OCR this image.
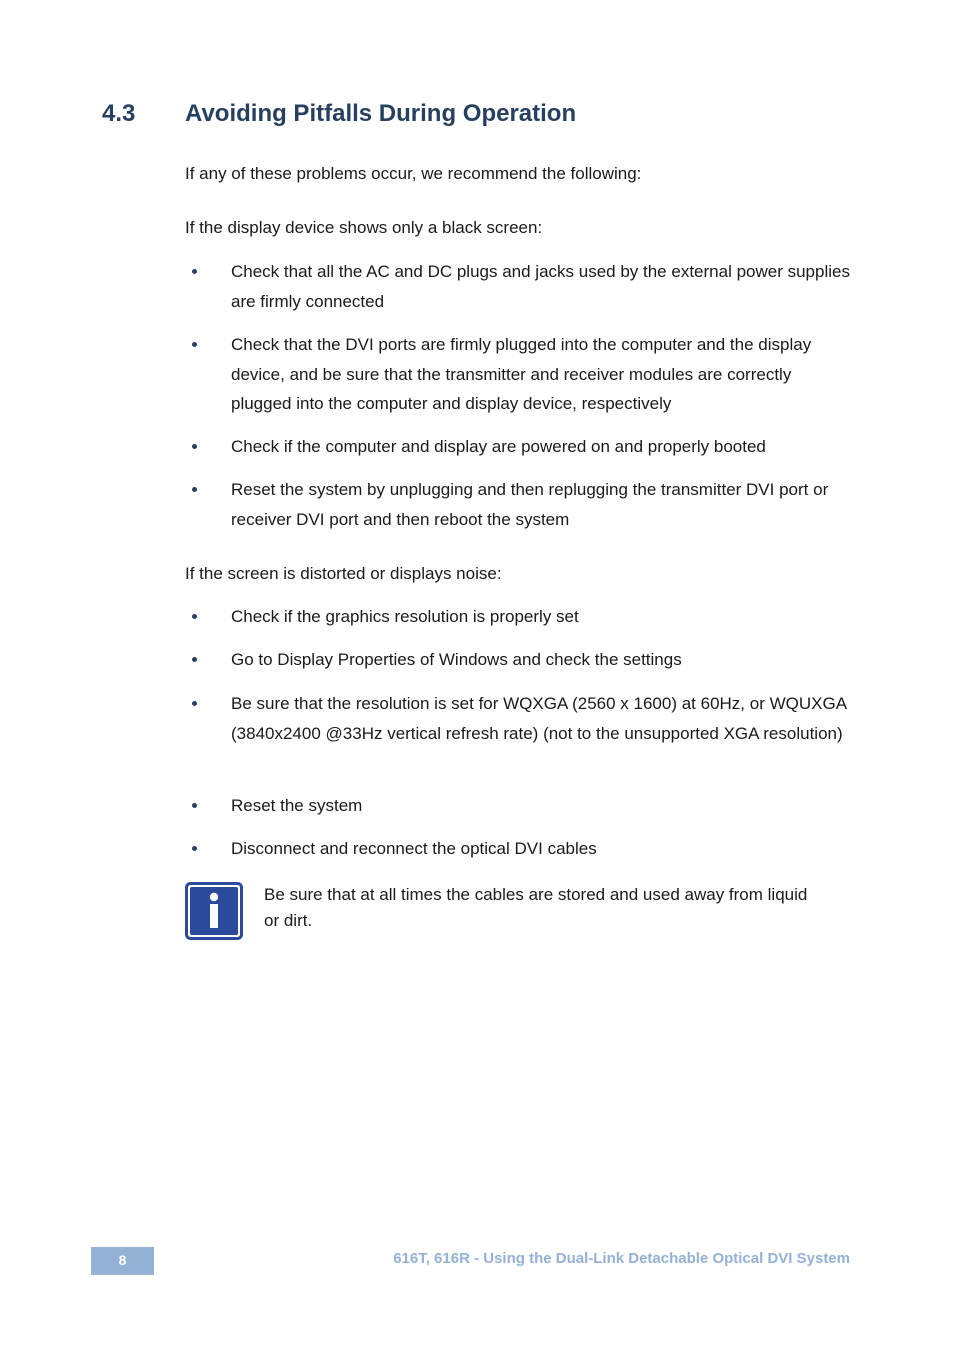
4.3 Avoiding Pitfalls During Operation
If any of these problems occur, we recommend the following:
If the display device shows only a black screen:
Check that all the AC and DC plugs and jacks used by the external power supplies are firmly connected
Check that the DVI ports are firmly plugged into the computer and the display device, and be sure that the transmitter and receiver modules are correctly plugged into the computer and display device, respectively
Check if the computer and display are powered on and properly booted
Reset the system by unplugging and then replugging the transmitter DVI port or receiver DVI port and then reboot the system
If the screen is distorted or displays noise:
Check if the graphics resolution is properly set
Go to Display Properties of Windows and check the settings
Be sure that the resolution is set for WQXGA (2560 x 1600) at 60Hz, or WQUXGA (3840x2400 @33Hz vertical refresh rate) (not to the unsupported XGA resolution)
Reset the system
Disconnect and reconnect the optical DVI cables
Be sure that at all times the cables are stored and used away from liquid or dirt.
8	616T, 616R - Using the Dual-Link Detachable Optical DVI System
